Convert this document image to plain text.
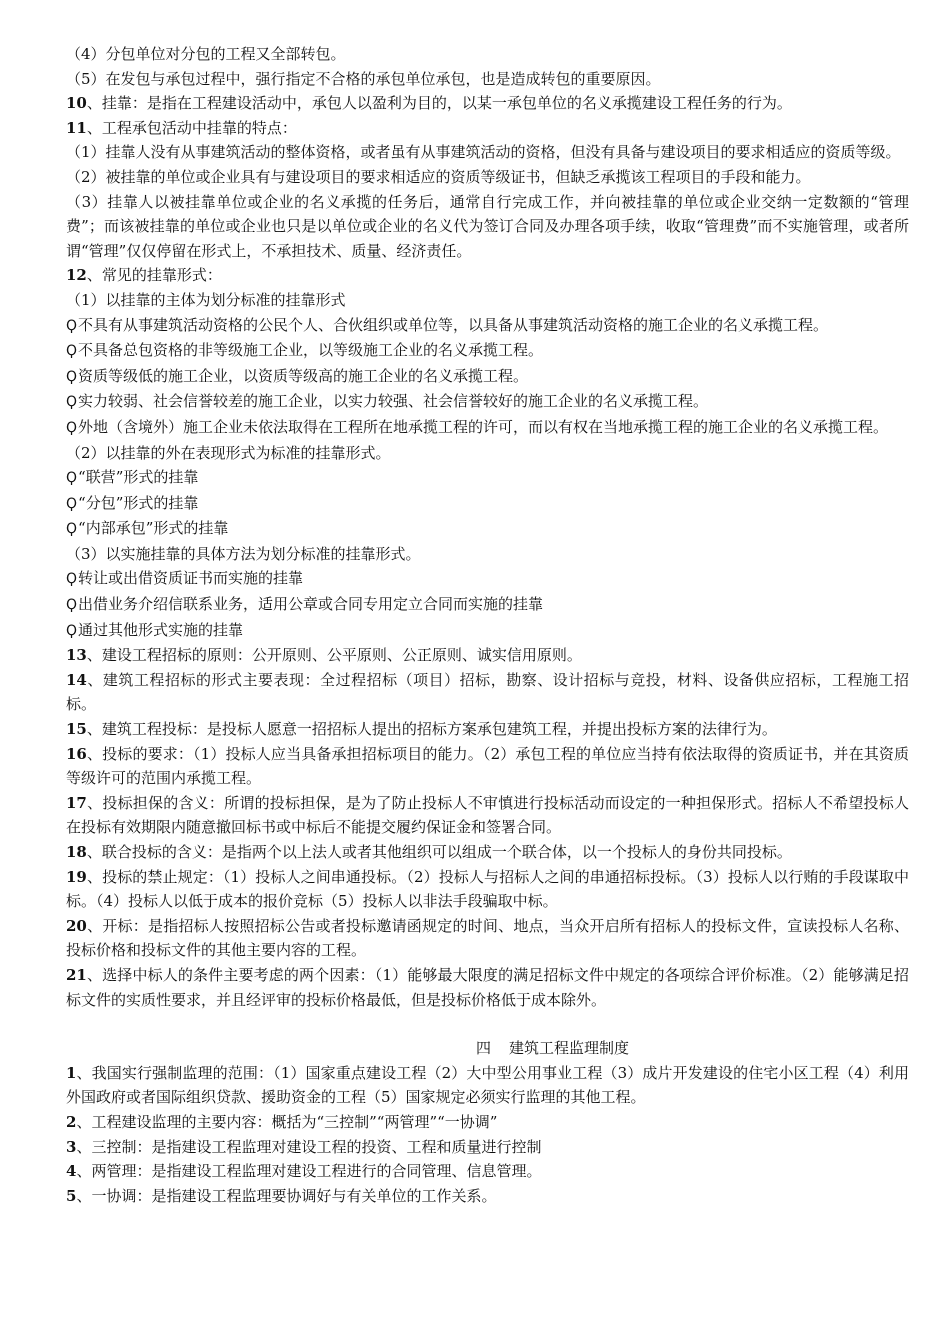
（4）分包单位对分包的工程又全部转包。

（5）在发包与承包过程中，强行指定不合格的承包单位承包，也是造成转包的重要原因。

10、挂靠：是指在工程建设活动中，承包人以盈利为目的，以某一承包单位的名义承揽建设工程任务的行为。

11、工程承包活动中挂靠的特点：

（1）挂靠人没有从事建筑活动的整体资格，或者虽有从事建筑活动的资格，但没有具备与建设项目的要求相适应的资质等级。

（2）被挂靠的单位或企业具有与建设项目的要求相适应的资质等级证书，但缺乏承揽该工程项目的手段和能力。

（3）挂靠人以被挂靠单位或企业的名义承揽的任务后，通常自行完成工作，并向被挂靠的单位或企业交纳一定数额的“管理费”；而该被挂靠的单位或企业也只是以单位或企业的名义代为签订合同及办理各项手续，收取“管理费”而不实施管理，或者所谓“管理”仅仅停留在形式上，不承担技术、质量、经济责任。

12、常见的挂靠形式：

（1）以挂靠的主体为划分标准的挂靠形式

Ϙ不具有从事建筑活动资格的公民个人、合伙组织或单位等，以具备从事建筑活动资格的施工企业的名义承揽工程。

Ϙ不具备总包资格的非等级施工企业，以等级施工企业的名义承揽工程。

Ϙ资质等级低的施工企业，以资质等级高的施工企业的名义承揽工程。

Ϙ实力较弱、社会信誉较差的施工企业，以实力较强、社会信誉较好的施工企业的名义承揽工程。

Ϙ外地（含境外）施工企业未依法取得在工程所在地承揽工程的许可，而以有权在当地承揽工程的施工企业的名义承揽工程。

（2）以挂靠的外在表现形式为标准的挂靠形式。

Ϙ“联营”形式的挂靠

Ϙ“分包”形式的挂靠

Ϙ“内部承包”形式的挂靠

（3）以实施挂靠的具体方法为划分标准的挂靠形式。

Ϙ转让或出借资质证书而实施的挂靠

Ϙ出借业务介绍信联系业务，适用公章或合同专用定立合同而实施的挂靠

Ϙ通过其他形式实施的挂靠

13、建设工程招标的原则：公开原则、公平原则、公正原则、诚实信用原则。

14、建筑工程招标的形式主要表现：全过程招标（项目）招标，勘察、设计招标与竞投，材料、设备供应招标，工程施工招标。

15、建筑工程投标：是投标人愿意一招招标人提出的招标方案承包建筑工程，并提出投标方案的法律行为。

16、投标的要求：（1）投标人应当具备承担招标项目的能力。（2）承包工程的单位应当持有依法取得的资质证书，并在其资质等级许可的范围内承揽工程。

17、投标担保的含义：所谓的投标担保，是为了防止投标人不审慎进行投标活动而设定的一种担保形式。招标人不希望投标人在投标有效期限内随意撤回标书或中标后不能提交履约保证金和签署合同。

18、联合投标的含义：是指两个以上法人或者其他组织可以组成一个联合体，以一个投标人的身份共同投标。

19、投标的禁止规定：（1）投标人之间串通投标。（2）投标人与招标人之间的串通招标投标。（3）投标人以行贿的手段谋取中标。（4）投标人以低于成本的报价竞标（5）投标人以非法手段骗取中标。

20、开标：是指招标人按照招标公告或者投标邀请函规定的时间、地点，当众开启所有招标人的投标文件，宣读投标人名称、投标价格和投标文件的其他主要内容的工程。

21、选择中标人的条件主要考虑的两个因素：（1）能够最大限度的满足招标文件中规定的各项综合评价标准。（2）能够满足招标文件的实质性要求，并且经评审的投标价格最低，但是投标价格低于成本除外。

四 建筑工程监理制度

1、我国实行强制监理的范围：（1）国家重点建设工程（2）大中型公用事业工程（3）成片开发建设的住宅小区工程（4）利用外国政府或者国际组织贷款、援助资金的工程（5）国家规定必须实行监理的其他工程。

2、工程建设监理的主要内容：概括为“三控制”“两管理”“一协调”

3、三控制：是指建设工程监理对建设工程的投资、工程和质量进行控制

4、两管理：是指建设工程监理对建设工程进行的合同管理、信息管理。

5、一协调：是指建设工程监理要协调好与有关单位的工作关系。
